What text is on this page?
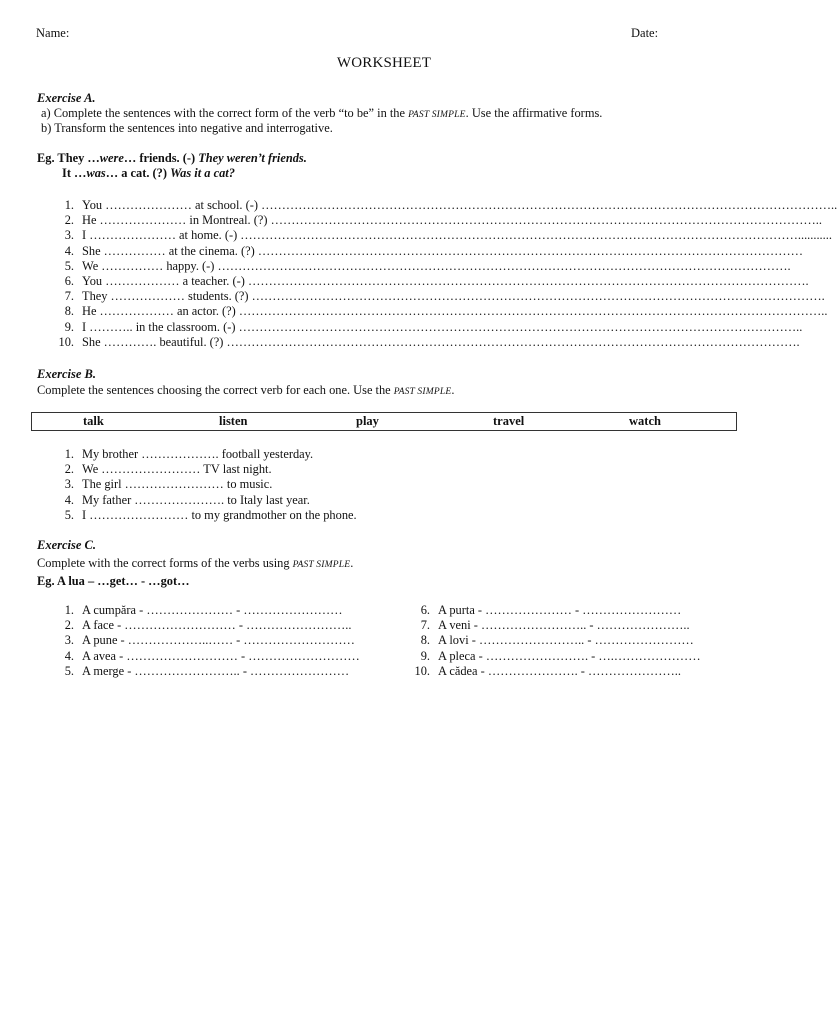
Name:	Date:
WORKSHEET
Exercise A.
a) Complete the sentences with the correct form of the verb “to be” in the PAST SIMPLE. Use the affirmative forms.
b) Transform the sentences into negative and interrogative.
Eg. They …were… friends. (-) They weren’t friends.
It …was… a cat. (?) Was it a cat?
1. You ………………… at school. (-) …………………………………………………………………………………………………………………………..
2. He ………………… in Montreal. (?) ……………………………………………………………………………………………………………………..
3. I ………………… at home. (-) ………………………………………………………………………………………………………………………...........
4. She …………… at the cinema. (?) ……………………………………………………………………………………………………………………
5. We …………… happy. (-) ………………………………………………………………………………………………………………………….
6. You ……………… a teacher. (-) ……………………………………………………………………………………………………………………….
7. They ……………… students. (?) ………………………………………………………………………………………………………………………….
8. He ……………… an actor. (?) ……………………………………………………………………………………………………………………………..
9. I ……….. in the classroom. (-) ………………………………………………………………………………………………………………………..
10. She …………. beautiful. (?) ………………………………………………………………………………………………………………………….
Exercise B.
Complete the sentences choosing the correct verb for each one. Use the PAST SIMPLE.
talk	listen	play	travel	watch
1. My brother ………………. football yesterday.
2. We …………………… TV last night.
3. The girl …………………… to music.
4. My father …………………. to Italy last year.
5. I …………………… to my grandmother on the phone.
Exercise C.
Complete with the correct forms of the verbs using PAST SIMPLE.
Eg. A lua – …get… - …got…
1. A cumpăra - ………………… - ……………………
2. A face - ……………………… - ……………………..
3. A pune - ………………..…… - ………………………
4. A avea - ……………………… - ………………………
5. A merge - …………………….. - ……………………
6. A purta - ………………… - ……………………
7. A veni - …………………….. - …………………..
8. A lovi - …………………….. - ……………………
9. A pleca - ……………………. - ….…………………
10. A cădea - …………………. - …………………..
